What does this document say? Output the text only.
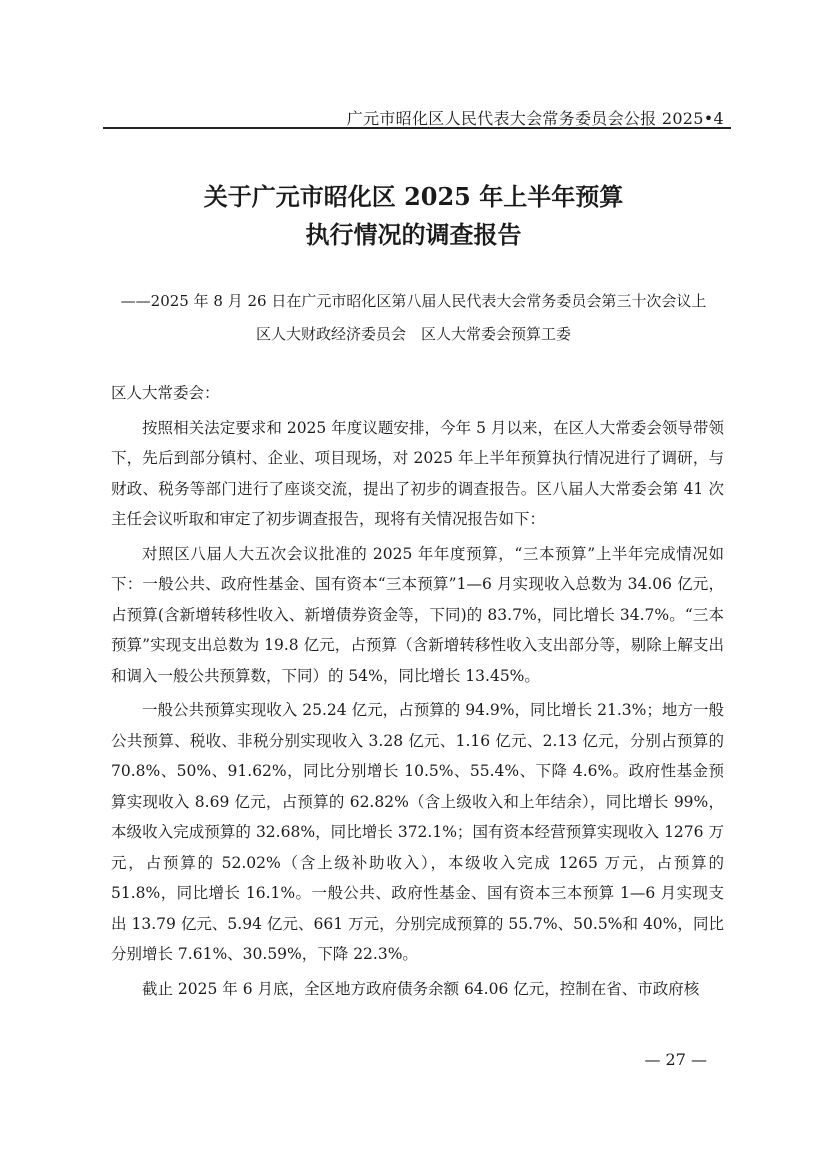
广元市昭化区人民代表大会常务委员会公报 2025•4
关于广元市昭化区 2025 年上半年预算
执行情况的调查报告
——2025 年 8 月 26 日在广元市昭化区第八届人民代表大会常务委员会第三十次会议上
区人大财政经济委员会　区人大常委会预算工委

区人大常委会：

按照相关法定要求和 2025 年度议题安排，今年 5 月以来，在区人大常委会领导带领下，先后到部分镇村、企业、项目现场，对 2025 年上半年预算执行情况进行了调研，与财政、税务等部门进行了座谈交流，提出了初步的调查报告。区八届人大常委会第 41 次主任会议听取和审定了初步调查报告，现将有关情况报告如下：

对照区八届人大五次会议批准的 2025 年年度预算，“三本预算”上半年完成情况如下：一般公共、政府性基金、国有资本“三本预算”1—6 月实现收入总数为 34.06 亿元，占预算(含新增转移性收入、新增债券资金等，下同)的 83.7%，同比增长 34.7%。“三本预算”实现支出总数为 19.8 亿元，占预算（含新增转移性收入支出部分等，剔除上解支出和调入一般公共预算数，下同）的 54%，同比增长 13.45%。

一般公共预算实现收入 25.24 亿元，占预算的 94.9%，同比增长 21.3%；地方一般公共预算、税收、非税分别实现收入 3.28 亿元、1.16 亿元、2.13 亿元，分别占预算的 70.8%、50%、91.62%，同比分别增长 10.5%、55.4%、下降 4.6%。政府性基金预算实现收入 8.69 亿元，占预算的 62.82%（含上级收入和上年结余），同比增长 99%，本级收入完成预算的 32.68%，同比增长 372.1%；国有资本经营预算实现收入 1276 万元，占预算的 52.02%（含上级补助收入），本级收入完成 1265 万元，占预算的 51.8%，同比增长 16.1%。一般公共、政府性基金、国有资本三本预算 1—6 月实现支出 13.79 亿元、5.94 亿元、661 万元，分别完成预算的 55.7%、50.5%和 40%，同比分别增长 7.61%、30.59%，下降 22.3%。

截止 2025 年 6 月底，全区地方政府债务余额 64.06 亿元，控制在省、市政府核

— 27 —
